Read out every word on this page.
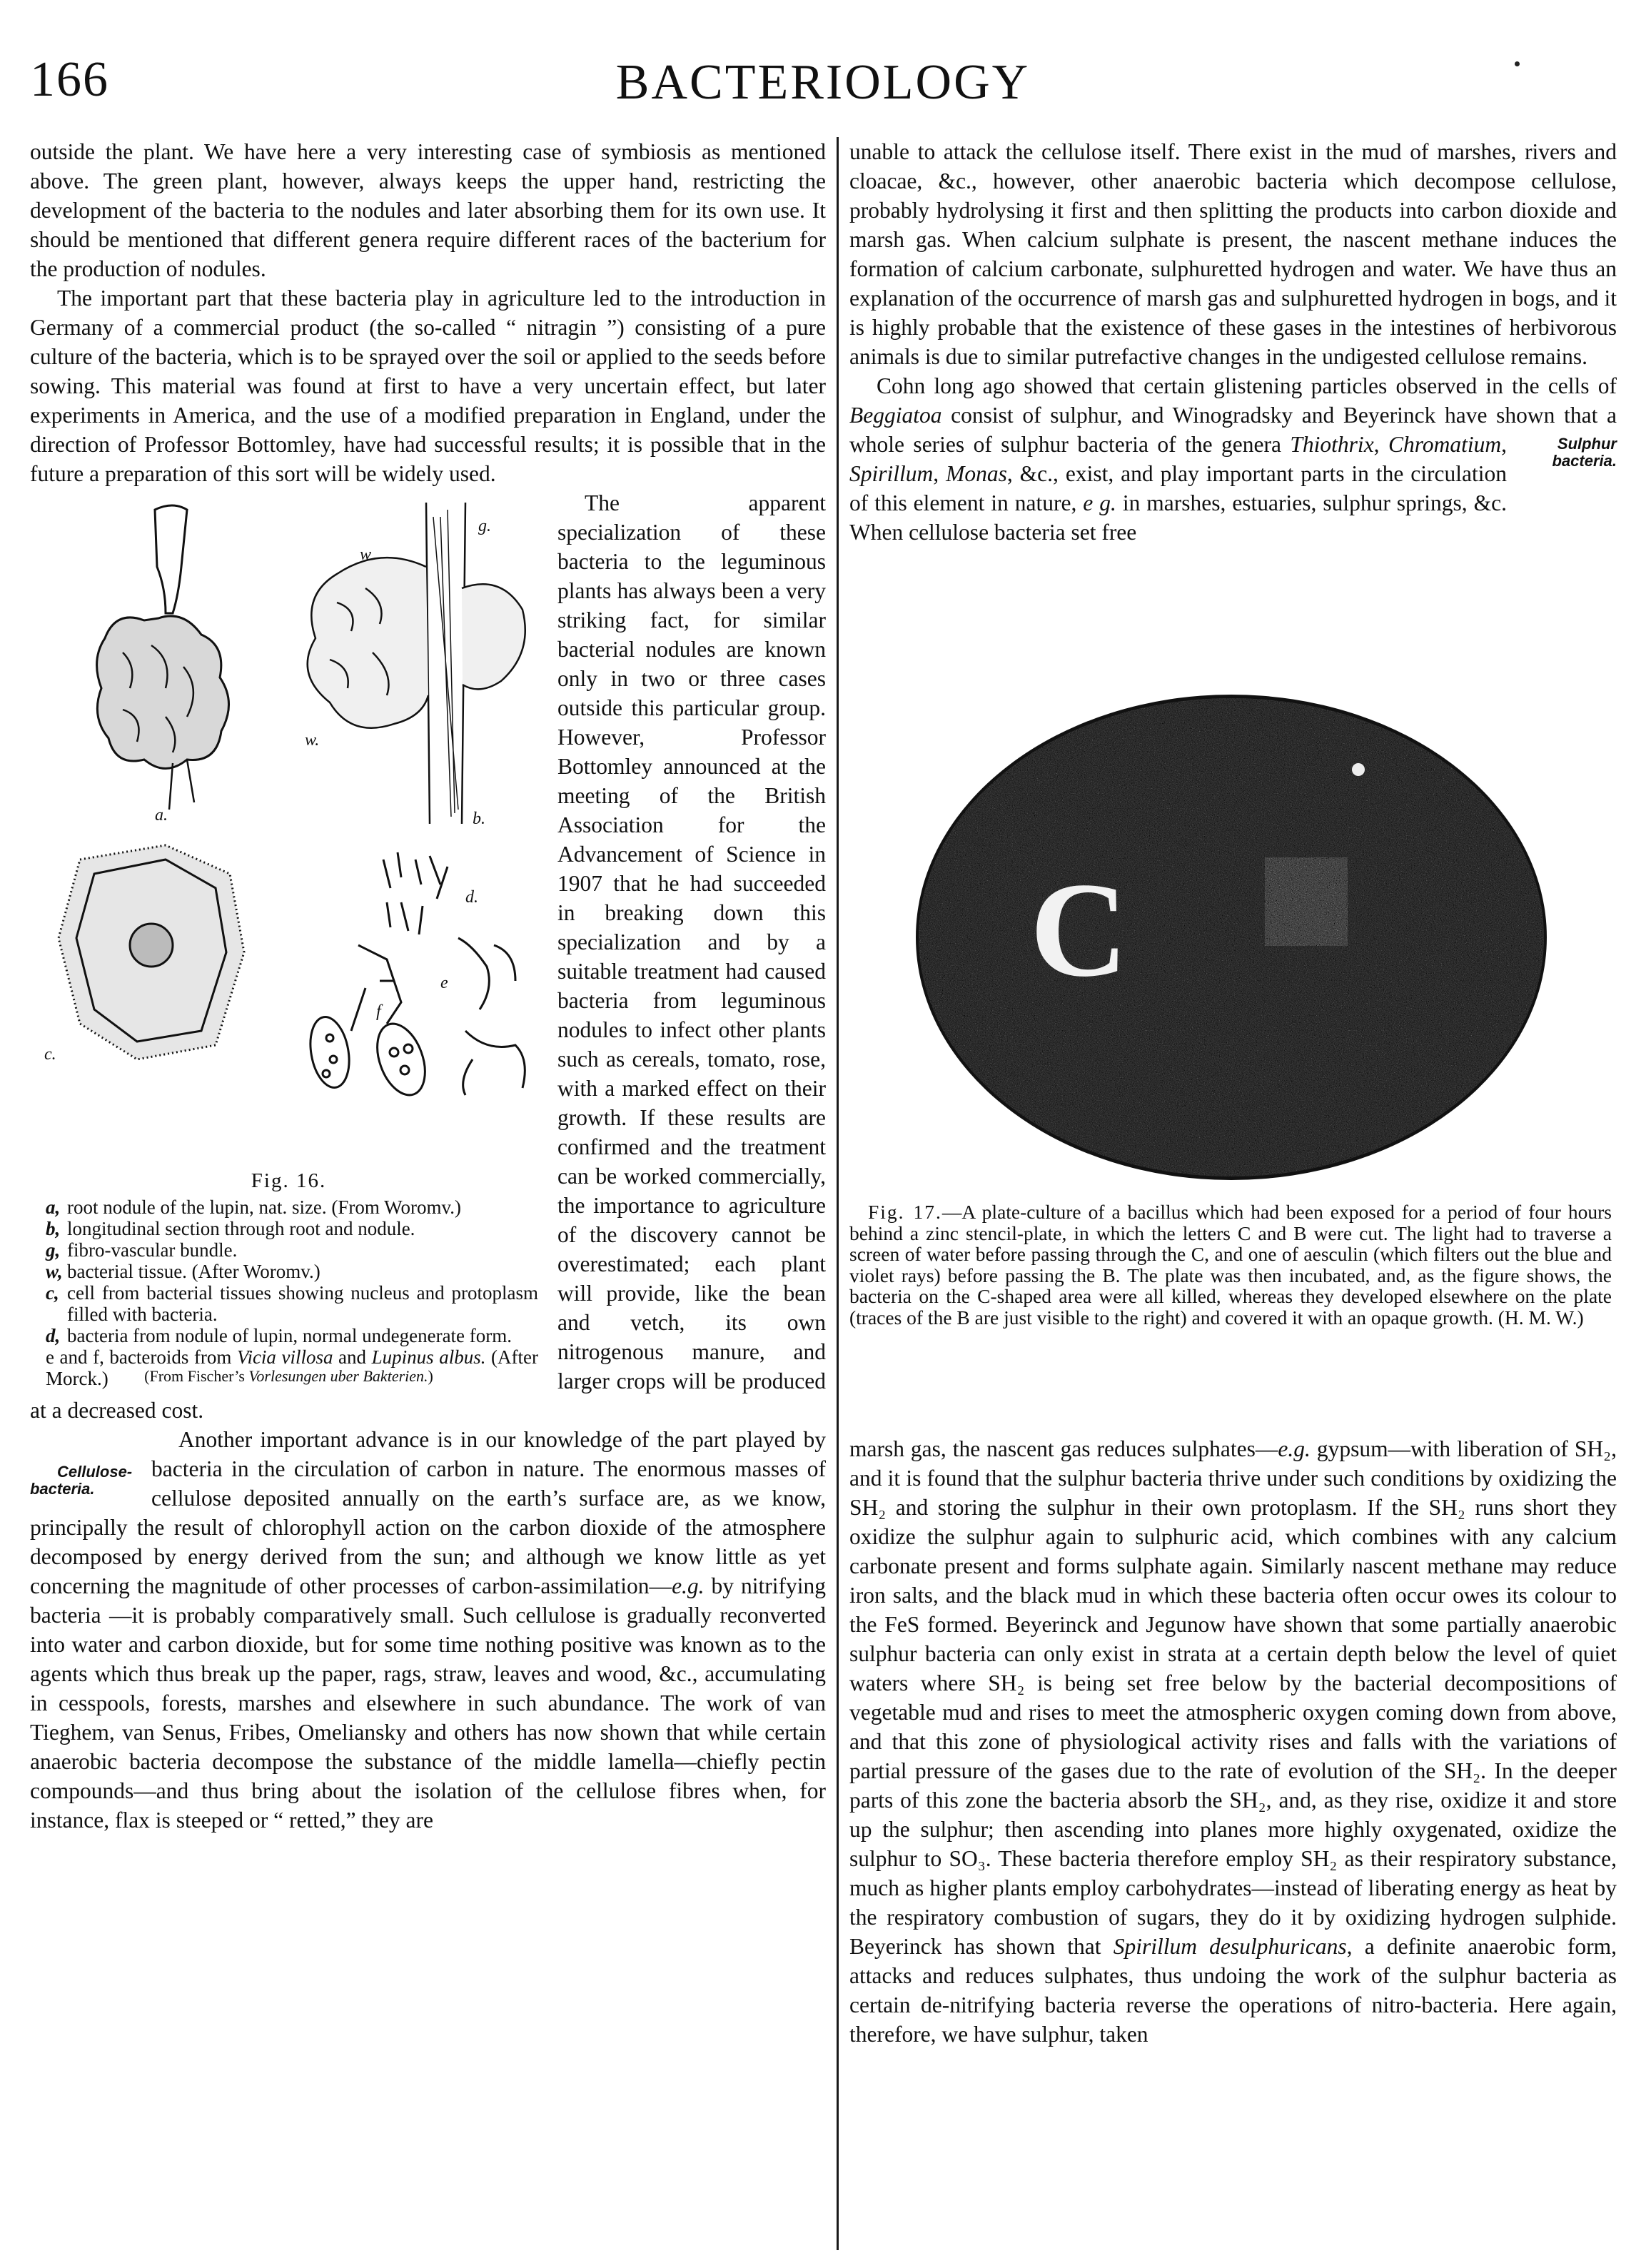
166	BACTERIOLOGY

outside the plant. We have here a very interesting case of symbiosis as mentioned above. The green plant, however, always keeps the upper hand, restricting the development of the bacteria to the nodules and later absorbing them for its own use. It should be mentioned that different genera require different races of the bacterium for the production of nodules.

The important part that these bacteria play in agriculture led to the introduction in Germany of a commercial product (the so-called “ nitragin ”) consisting of a pure culture of the bacteria, which is to be sprayed over the soil or applied to the seeds before sowing. This material was found at first to have a very uncertain effect, but later experiments in America, and the use of a modified preparation in England, under the direction of Professor Bottomley, have had successful results; it is possible that in the future a preparation of this sort will be widely used.

a.	b.
g.
w.
w
c.
d.
e
f
Fig. 16.
a, root nodule of the lupin, nat. size. (From Woromv.)
b, longitudinal section through root and nodule.
g, fibro-vascular bundle.
w, bacterial tissue. (After Woromv.)
c, cell from bacterial tissues showing nucleus and protoplasm filled with bacteria.
d, bacteria from nodule of lupin, normal undegenerate form.
e and f, bacteroids from Vicia villosa and Lupinus albus. (After Morck.)	(From Fischer’s Vorlesungen uber Bakterien.)

The apparent specialization of these bacteria to the leguminous plants has always been a very striking fact, for similar bacterial nodules are known only in two or three cases outside this particular group. However, Professor Bottomley announced at the meeting of the British Association for the Advancement of Science in 1907 that he had succeeded in breaking down this specialization and by a suitable treatment had caused bacteria from leguminous nodules to infect other plants such as cereals, tomato, rose, with a marked effect on their growth. If these results are confirmed and the treatment can be worked commercially, the importance to agriculture of the discovery cannot be overestimated; each plant will provide, like the bean and vetch, its own nitrogenous manure, and larger crops will be produced at a decreased cost.

Cellulose-bacteria.
Another important advance is in our knowledge of the part played by bacteria in the circulation of carbon in nature. The enormous masses of cellulose deposited annually on the earth’s surface are, as we know, principally the result of chlorophyll action on the carbon dioxide of the atmosphere decomposed by energy derived from the sun; and although we know little as yet concerning the magnitude of other processes of carbon-assimilation—e.g. by nitrifying bacteria —it is probably comparatively small. Such cellulose is gradually reconverted into water and carbon dioxide, but for some time nothing positive was known as to the agents which thus break up the paper, rags, straw, leaves and wood, &c., accumulating in cesspools, forests, marshes and elsewhere in such abundance. The work of van Tieghem, van Senus, Fribes, Omeliansky and others has now shown that while certain anaerobic bacteria decompose the substance of the middle lamella—chiefly pectin compounds—and thus bring about the isolation of the cellulose fibres when, for instance, flax is steeped or “ retted,” they are

unable to attack the cellulose itself. There exist in the mud of marshes, rivers and cloacae, &c., however, other anaerobic bacteria which decompose cellulose, probably hydrolysing it first and then splitting the products into carbon dioxide and marsh gas. When calcium sulphate is present, the nascent methane induces the formation of calcium carbonate, sulphuretted hydrogen and water. We have thus an explanation of the occurrence of marsh gas and sulphuretted hydrogen in bogs, and it is highly probable that the existence of these gases in the intestines of herbivorous animals is due to similar putrefactive changes in the undigested cellulose remains.

Cohn long ago showed that certain glistening particles observed in the cells of Beggiatoa consist of sulphur, and Winogradsky and Beyerinck have shown that a whole series of sulphur bacteria of the genera	Sulphur bacteria.
Thiothrix, Chromatium, Spirillum, Monas, &c., exist, and play important parts in the circulation of this element in nature, e g. in marshes, estuaries, sulphur springs, &c. When cellulose bacteria set free

C
Fig. 17.—A plate-culture of a bacillus which had been exposed for a period of four hours behind a zinc stencil-plate, in which the letters C and B were cut. The light had to traverse a screen of water before passing through the C, and one of aesculin (which filters out the blue and violet rays) before passing the B. The plate was then incubated, and, as the figure shows, the bacteria on the C-shaped area were all killed, whereas they developed elsewhere on the plate (traces of the B are just visible to the right) and covered it with an opaque growth. (H. M. W.)

marsh gas, the nascent gas reduces sulphates—e.g. gypsum—with liberation of SH₂, and it is found that the sulphur bacteria thrive under such conditions by oxidizing the SH₂ and storing the sulphur in their own protoplasm. If the SH₂ runs short they oxidize the sulphur again to sulphuric acid, which combines with any calcium carbonate present and forms sulphate again. Similarly nascent methane may reduce iron salts, and the black mud in which these bacteria often occur owes its colour to the FeS formed. Beyerinck and Jegunow have shown that some partially anaerobic sulphur bacteria can only exist in strata at a certain depth below the level of quiet waters where SH₂ is being set free below by the bacterial decompositions of vegetable mud and rises to meet the atmospheric oxygen coming down from above, and that this zone of physiological activity rises and falls with the variations of partial pressure of the gases due to the rate of evolution of the SH₂. In the deeper parts of this zone the bacteria absorb the SH₂, and, as they rise, oxidize it and store up the sulphur; then ascending into planes more highly oxygenated, oxidize the sulphur to SO₃. These bacteria therefore employ SH₂ as their respiratory substance, much as higher plants employ carbohydrates—instead of liberating energy as heat by the respiratory combustion of sugars, they do it by oxidizing hydrogen sulphide. Beyerinck has shown that Spirillum desulphuricans, a definite anaerobic form, attacks and reduces sulphates, thus undoing the work of the sulphur bacteria as certain de-nitrifying bacteria reverse the operations of nitro-bacteria. Here again, therefore, we have sulphur, taken
